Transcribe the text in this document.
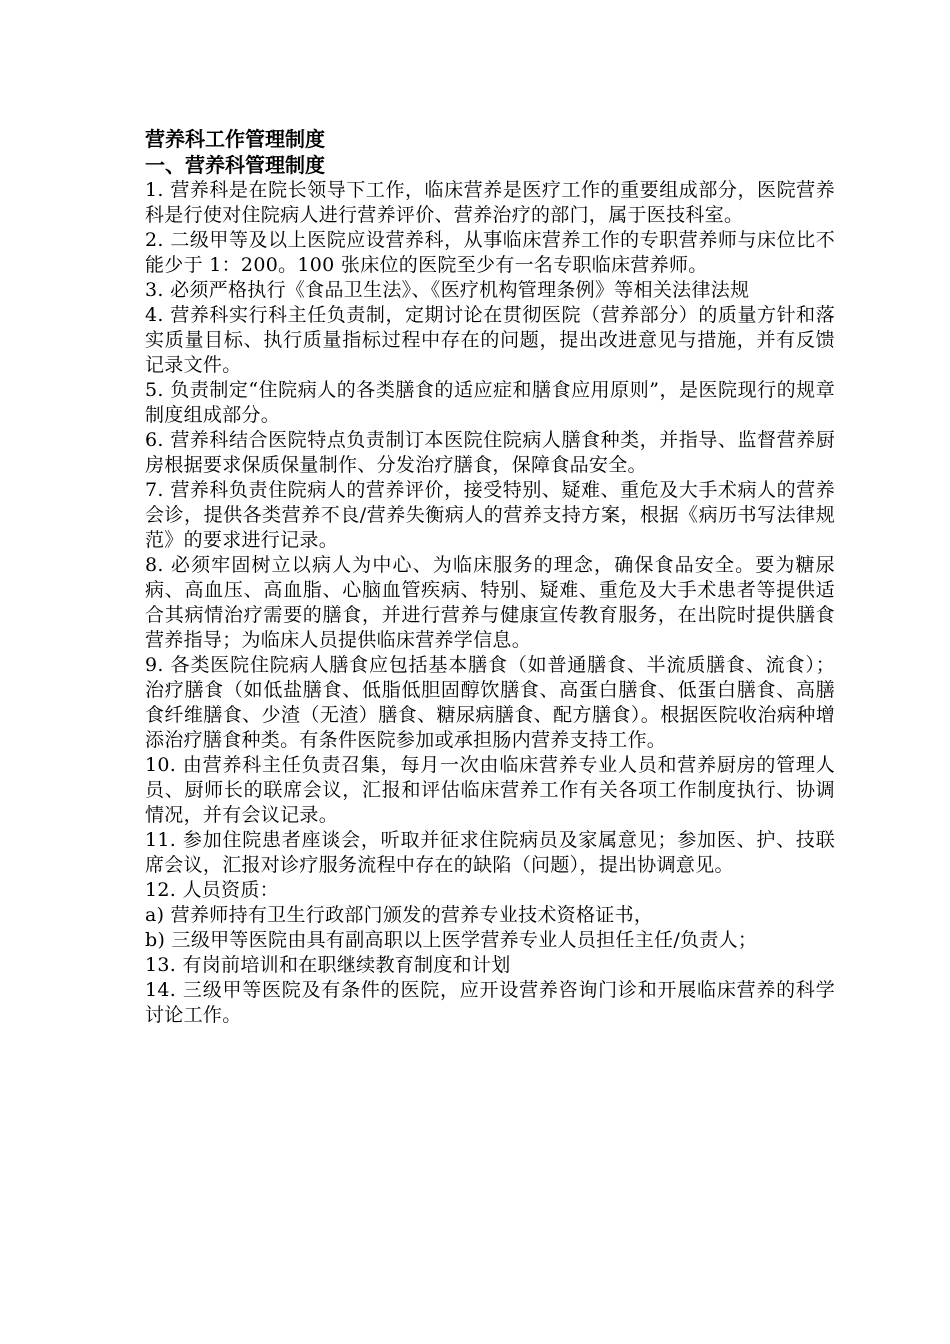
营养科工作管理制度

一、营养科管理制度

1. 营养科是在院长领导下工作，临床营养是医疗工作的重要组成部分，医院营养科是行使对住院病人进行营养评价、营养治疗的部门，属于医技科室。

2. 二级甲等及以上医院应设营养科，从事临床营养工作的专职营养师与床位比不能少于 1：200。100 张床位的医院至少有一名专职临床营养师。

3. 必须严格执行《食品卫生法》、《医疗机构管理条例》等相关法律法规

4. 营养科实行科主任负责制，定期讨论在贯彻医院（营养部分）的质量方针和落实质量目标、执行质量指标过程中存在的问题，提出改进意见与措施，并有反馈记录文件。

5. 负责制定“住院病人的各类膳食的适应症和膳食应用原则”，是医院现行的规章制度组成部分。

6. 营养科结合医院特点负责制订本医院住院病人膳食种类，并指导、监督营养厨房根据要求保质保量制作、分发治疗膳食，保障食品安全。

7. 营养科负责住院病人的营养评价，接受特别、疑难、重危及大手术病人的营养会诊，提供各类营养不良/营养失衡病人的营养支持方案，根据《病历书写法律规范》的要求进行记录。

8. 必须牢固树立以病人为中心、为临床服务的理念，确保食品安全。要为糖尿病、高血压、高血脂、心脑血管疾病、特别、疑难、重危及大手术患者等提供适合其病情治疗需要的膳食，并进行营养与健康宣传教育服务，在出院时提供膳食营养指导；为临床人员提供临床营养学信息。

9. 各类医院住院病人膳食应包括基本膳食（如普通膳食、半流质膳食、流食）；治疗膳食（如低盐膳食、低脂低胆固醇饮膳食、高蛋白膳食、低蛋白膳食、高膳食纤维膳食、少渣（无渣）膳食、糖尿病膳食、配方膳食）。根据医院收治病种增添治疗膳食种类。有条件医院参加或承担肠内营养支持工作。

10. 由营养科主任负责召集，每月一次由临床营养专业人员和营养厨房的管理人员、厨师长的联席会议，汇报和评估临床营养工作有关各项工作制度执行、协调情况，并有会议记录。

11. 参加住院患者座谈会，听取并征求住院病员及家属意见；参加医、护、技联席会议，汇报对诊疗服务流程中存在的缺陷（问题），提出协调意见。

12. 人员资质：

a) 营养师持有卫生行政部门颁发的营养专业技术资格证书，

b) 三级甲等医院由具有副高职以上医学营养专业人员担任主任/负责人；

13. 有岗前培训和在职继续教育制度和计划

14. 三级甲等医院及有条件的医院，应开设营养咨询门诊和开展临床营养的科学讨论工作。
